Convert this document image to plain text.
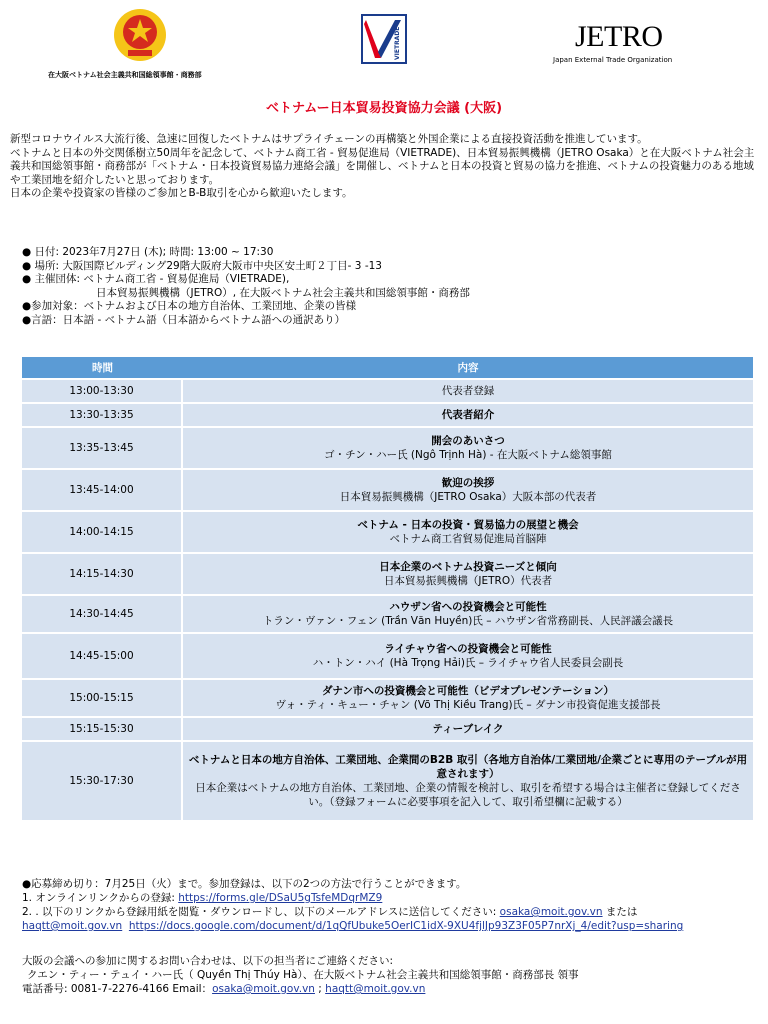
在大阪ベトナム社会主義共和国総領事館・商務部
VIETRADE	JETRO
Japan External Trade Organization
ベトナムー日本貿易投資協力会議 (大阪)

新型コロナウイルス大流行後、急速に回復したベトナムはサプライチェーンの再構築と外国企業による直接投資活動を推進しています。

ベトナムと日本の外交関係樹立50周年を記念して、ベトナム商工省 - 貿易促進局（VIETRADE)、日本貿易振興機構（JETRO Osaka）と在大阪ベトナム社会主義共和国総領事館・商務部が「ベトナム・日本投資貿易協力連絡会議」を開催し、ベトナムと日本の投資と貿易の協力を推進、ベトナムの投資魅力のある地域や工業団地を紹介したいと思っております。

日本の企業や投資家の皆様のご参加とB-B取引を心から歓迎いたします。

● 日付: 2023年7月27日 (木); 時間: 13:00 ~ 17:30
● 場所: 大阪国際ビルディング29階大阪府大阪市中央区安土町２丁目- 3 -13
● 主催団体: ベトナム商工省 - 貿易促進局（VIETRADE),
日本貿易振興機構（JETRO）, 在大阪ベトナム社会主義共和国総領事館・商務部
●参加対象：ベトナムおよび日本の地方自治体、工業団地、企業の皆様
●言語：日本語 - ベトナム語（日本語からベトナム語への通訳あり）
時間	内容
13:00-13:30	代表者登録

13:30-13:35	代表者紹介

13:35-13:45	開会のあいさつ
ゴ・チン・ハー氏 (Ngô Trịnh Hà) - 在大阪ベトナム総領事館

13:45-14:00	歓迎の挨拶
日本貿易振興機構（JETRO Osaka）大阪本部の代表者

14:00-14:15	ベトナム - 日本の投資・貿易協力の展望と機会
ベトナム商工省貿易促進局首脳陣

14:15-14:30	日本企業のベトナム投資ニーズと傾向
日本貿易振興機構（JETRO）代表者

14:30-14:45	ハウザン省への投資機会と可能性
トラン・ヴァン・フェン (Trần Văn Huyền)氏 – ハウザン省常務副長、人民評議会議長

14:45-15:00	ライチャウ省への投資機会と可能性
ハ・トン・ハイ (Hà Trọng Hải)氏 – ライチャウ省人民委員会副長

15:00-15:15	ダナン市への投資機会と可能性（ビデオプレゼンテーション）
ヴォ・ティ・キュー・チャン (Võ Thị Kiều Trang)氏 – ダナン市投資促進支援部長

15:15-15:30	ティーブレイク

15:30-17:30	ベトナムと日本の地方自治体、工業団地、企業間のB2B 取引（各地方自治体/工業団地/企業ごとに専用のテーブルが用意されます）
日本企業はベトナムの地方自治体、工業団地、企業の情報を検討し、取引を希望する場合は主催者に登録してください。（登録フォームに必要事項を記入して、取引希望欄に記載する）
●応募締め切り：7月25日（火）まで。参加登録は、以下の2つの方法で行うことができます。
1. オンラインリンクからの登録: https://forms.gle/DSaU5gTsfeMDqrMZ9
2. . 以下のリンクから登録用紙を閲覧・ダウンロードし、以下のメールアドレスに送信してください: osaka@moit.gov.vn または
haqtt@moit.gov.vn https://docs.google.com/document/d/1qQfUbuke5OerIC1idX-9XU4fjlJp93Z3F05P7nrXj_4/edit?usp=sharing
大阪の会議への参加に関するお問い合わせは、以下の担当者にご連絡ください:
クエン・ティー・テュイ・ハー氏（ Quyền Thị Thúy Hà）、在大阪ベトナム社会主義共和国総領事館・商務部長 領事
電話番号: 0081-7-2276-4166 Email：osaka@moit.gov.vn ; haqtt@moit.gov.vn
